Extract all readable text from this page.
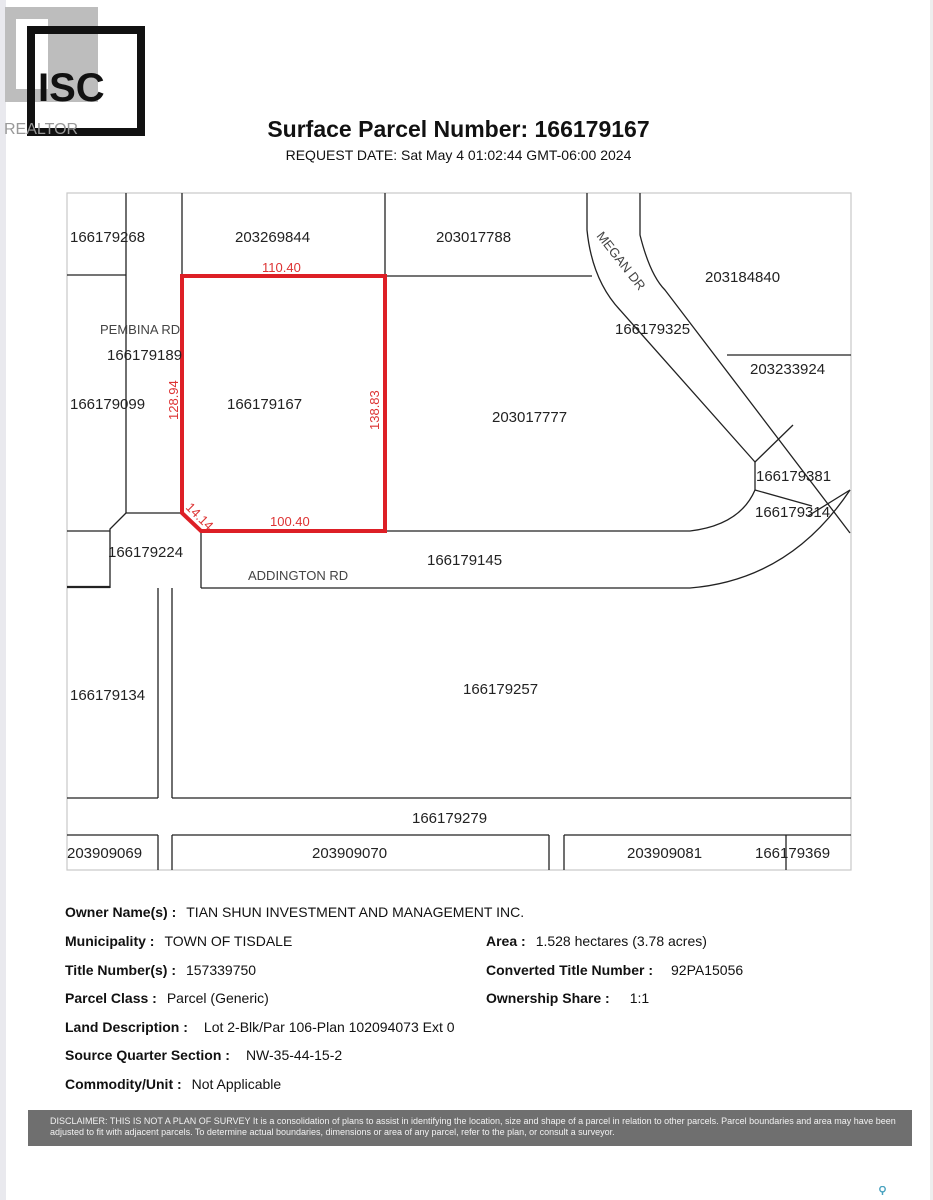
ISC
REALTOR	Surface Parcel Number: 166179167
REQUEST DATE: Sat May 4 01:02:44 GMT-06:00 2024
166179268	203269844	203017788
203184840
PEMBINA RD
166179189
166179099	166179167
203017777
MEGAN DR
166179325
203233924
166179381
166179314
166179224
ADDINGTON RD
166179145
166179134	166179257
166179279
203909069	203909070	203909081	166179369
110.40
138.83
100.40
128.94
14.14
Owner Name(s) : TIAN SHUN INVESTMENT AND MANAGEMENT INC.
Municipality : TOWN OF TISDALE	Area : 1.528 hectares (3.78 acres)
Title Number(s) : 157339750	Converted Title Number : 92PA15056
Parcel Class : Parcel (Generic)	Ownership Share : 1:1
Land Description : Lot 2-Blk/Par 106-Plan 102094073 Ext 0
Source Quarter Section : NW-35-44-15-2
Commodity/Unit : Not Applicable
DISCLAIMER: THIS IS NOT A PLAN OF SURVEY It is a consolidation of plans to assist in identifying the location, size and shape of a parcel in relation to other parcels. Parcel boundaries and area may have been adjusted to fit with adjacent parcels. To determine actual boundaries, dimensions or area of any parcel, refer to the plan, or consult a surveyor.
